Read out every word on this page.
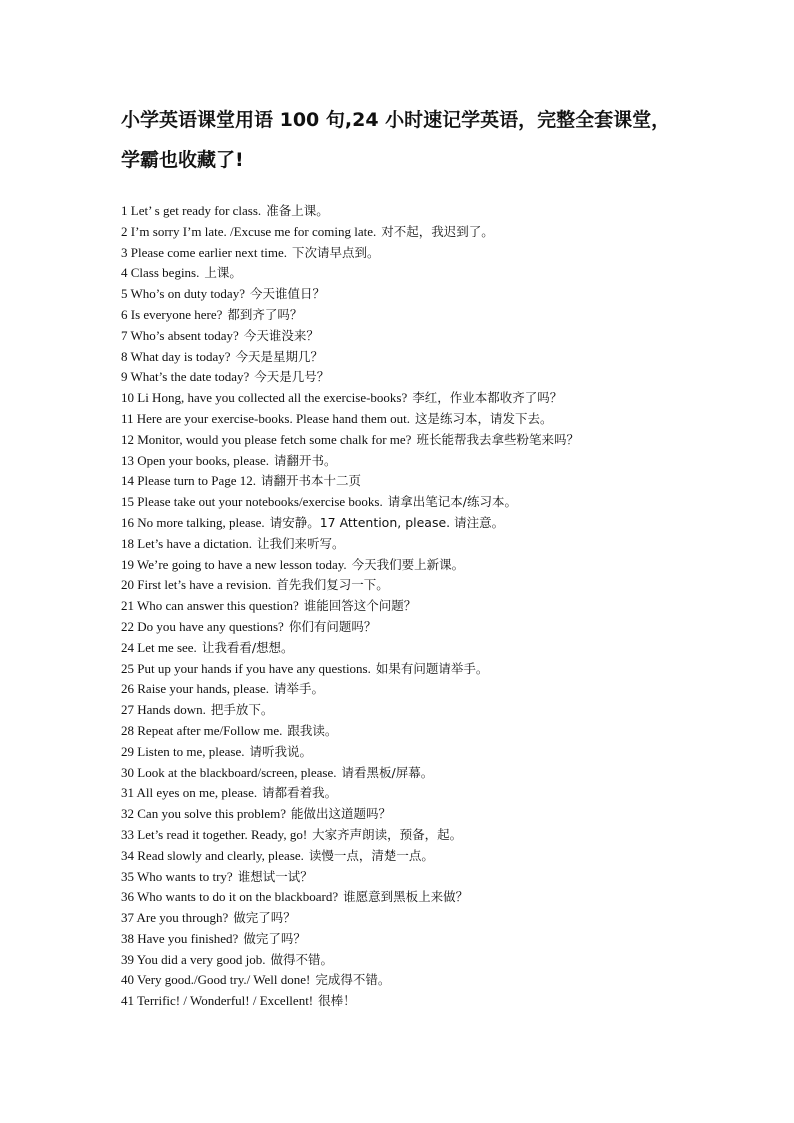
小学英语课堂用语 100 句,24 小时速记学英语，完整全套课堂，
学霸也收藏了!
1 Let’ s get ready for class. 准备上课。
2 I’m sorry I’m late. /Excuse me for coming late. 对不起，我迟到了。
3 Please come earlier next time. 下次请早点到。
4 Class begins. 上课。
5 Who’s on duty today? 今天谁值日？
6 Is everyone here? 都到齐了吗？
7 Who’s absent today? 今天谁没来？
8 What day is today? 今天是星期几？
9 What’s the date today? 今天是几号？
10 Li Hong, have you collected all the exercise-books? 李红，作业本都收齐了吗？
11 Here are your exercise-books. Please hand them out. 这是练习本，请发下去。
12 Monitor, would you please fetch some chalk for me? 班长能帮我去拿些粉笔来吗？
13 Open your books, please. 请翻开书。
14 Please turn to Page 12. 请翻开书本十二页
15 Please take out your notebooks/exercise books. 请拿出笔记本/练习本。
16 No more talking, please. 请安静。17 Attention, please. 请注意。
18 Let’s have a dictation. 让我们来听写。
19 We’re going to have a new lesson today. 今天我们要上新课。
20 First let’s have a revision. 首先我们复习一下。
21 Who can answer this question? 谁能回答这个问题？
22 Do you have any questions? 你们有问题吗？
24 Let me see. 让我看看/想想。
25 Put up your hands if you have any questions. 如果有问题请举手。
26 Raise your hands, please. 请举手。
27 Hands down. 把手放下。
28 Repeat after me/Follow me. 跟我读。
29 Listen to me, please. 请听我说。
30 Look at the blackboard/screen, please. 请看黑板/屏幕。
31 All eyes on me, please. 请都看着我。
32 Can you solve this problem? 能做出这道题吗？
33 Let’s read it together. Ready, go! 大家齐声朗读，预备，起。
34 Read slowly and clearly, please. 读慢一点，清楚一点。
35 Who wants to try? 谁想试一试？
36 Who wants to do it on the blackboard? 谁愿意到黑板上来做？
37 Are you through? 做完了吗？
38 Have you finished? 做完了吗？
39 You did a very good job. 做得不错。
40 Very good./Good try./ Well done! 完成得不错。
41 Terrific! / Wonderful! / Excellent! 很棒！
